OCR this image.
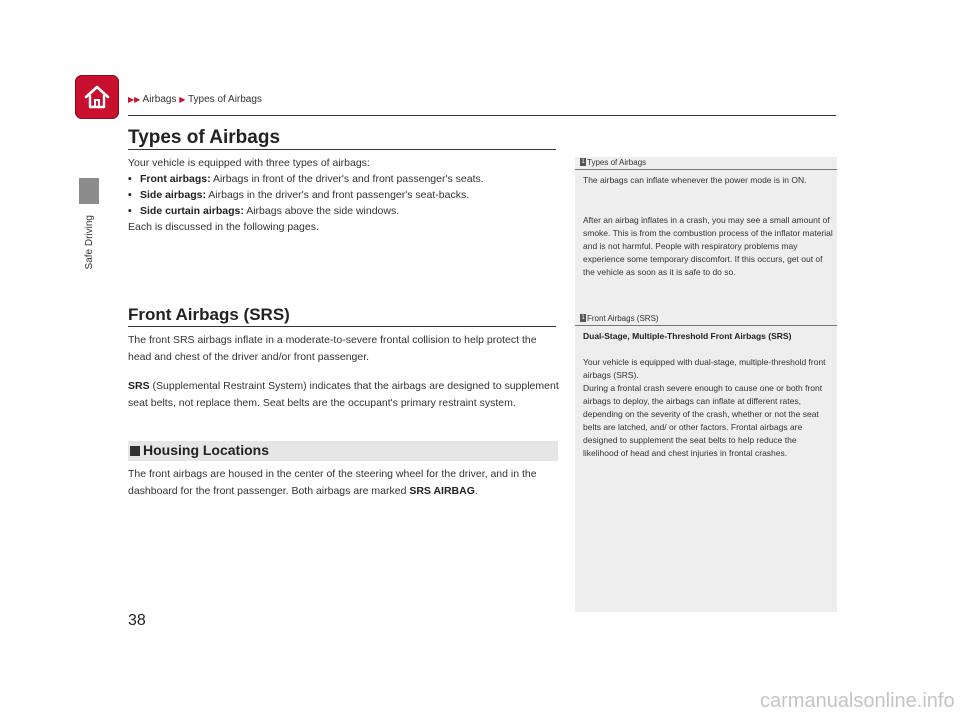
▶▶ Airbags ▶ Types of Airbags
Safe Driving
Types of Airbags
Your vehicle is equipped with three types of airbags:
• Front airbags: Airbags in front of the driver's and front passenger's seats.
• Side airbags: Airbags in the driver's and front passenger's seat-backs.
• Side curtain airbags: Airbags above the side windows.
Each is discussed in the following pages.
Front Airbags (SRS)
The front SRS airbags inflate in a moderate-to-severe frontal collision to help protect the head and chest of the driver and/or front passenger.
SRS (Supplemental Restraint System) indicates that the airbags are designed to supplement seat belts, not replace them. Seat belts are the occupant's primary restraint system.
Housing Locations
The front airbags are housed in the center of the steering wheel for the driver, and in the dashboard for the front passenger. Both airbags are marked SRS AIRBAG.
1 Types of Airbags
The airbags can inflate whenever the power mode is in ON.
After an airbag inflates in a crash, you may see a small amount of smoke. This is from the combustion process of the inflator material and is not harmful. People with respiratory problems may experience some temporary discomfort. If this occurs, get out of the vehicle as soon as it is safe to do so.
1 Front Airbags (SRS)
Dual-Stage, Multiple-Threshold Front Airbags (SRS)
Your vehicle is equipped with dual-stage, multiple-threshold front airbags (SRS).
During a frontal crash severe enough to cause one or both front airbags to deploy, the airbags can inflate at different rates, depending on the severity of the crash, whether or not the seat belts are latched, and/ or other factors. Frontal airbags are designed to supplement the seat belts to help reduce the likelihood of head and chest injuries in frontal crashes.
38
carmanualsonline.info
